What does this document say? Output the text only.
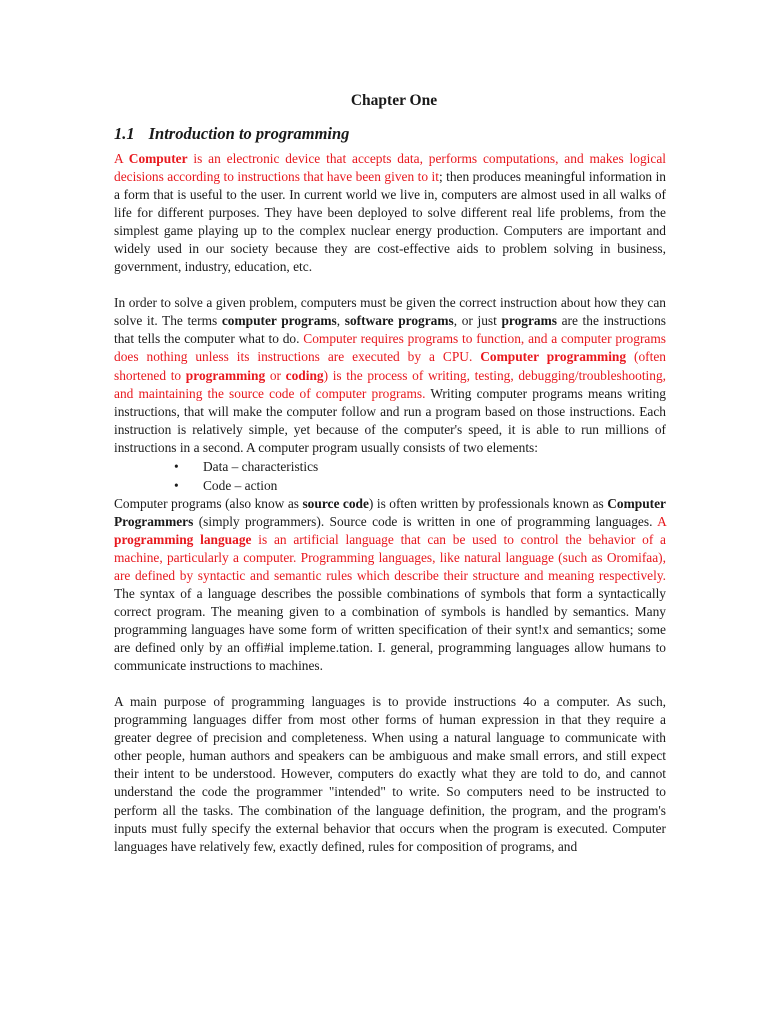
Chapter One
1.1 Introduction to programming

A Computer is an electronic device that accepts data, performs computations, and makes logical decisions according to instructions that have been given to it; then produces meaningful information in a form that is useful to the user. In current world we live in, computers are almost used in all walks of life for different purposes. They have been deployed to solve different real life problems, from the simplest game playing up to the complex nuclear energy production. Computers are important and widely used in our society because they are cost-effective aids to problem solving in business, government, industry, education, etc.

In order to solve a given problem, computers must be given the correct instruction about how they can solve it. The terms computer programs, software programs, or just programs are the instructions that tells the computer what to do. Computer requires programs to function, and a computer programs does nothing unless its instructions are executed by a CPU. Computer programming (often shortened to programming or coding) is the process of writing, testing, debugging/troubleshooting, and maintaining the source code of computer programs. Writing computer programs means writing instructions, that will make the computer follow and run a program based on those instructions. Each instruction is relatively simple, yet because of the computer's speed, it is able to run millions of instructions in a second. A computer program usually consists of two elements:

• Data – characteristics
• Code – action

Computer programs (also know as source code) is often written by professionals known as Computer Programmers (simply programmers). Source code is written in one of programming languages. A programming language is an artificial language that can be used to control the behavior of a machine, particularly a computer. Programming languages, like natural language (such as Oromifaa), are defined by syntactic and semantic rules which describe their structure and meaning respectively. The syntax of a language describes the possible combinations of symbols that form a syntactically correct program. The meaning given to a combination of symbols is handled by semantics. Many programming languages have some form of written specification of their synt!x and semantics; some are defined only by an offi#ial impleme.tation. I. general, programming languages allow humans to communicate instructions to machines.

A main purpose of programming languages is to provide instructions 4o a computer. As such, programming languages differ from most other forms of human expression in that they require a greater degree of precision and completeness. When using a natural language to communicate with other people, human authors and speakers can be ambiguous and make small errors, and still expect their intent to be understood. However, computers do exactly what they are told to do, and cannot understand the code the programmer "intended" to write. So computers need to be instructed to perform all the tasks. The combination of the language definition, the program, and the program's inputs must fully specify the external behavior that occurs when the program is executed. Computer languages have relatively few, exactly defined, rules for composition of programs, and
